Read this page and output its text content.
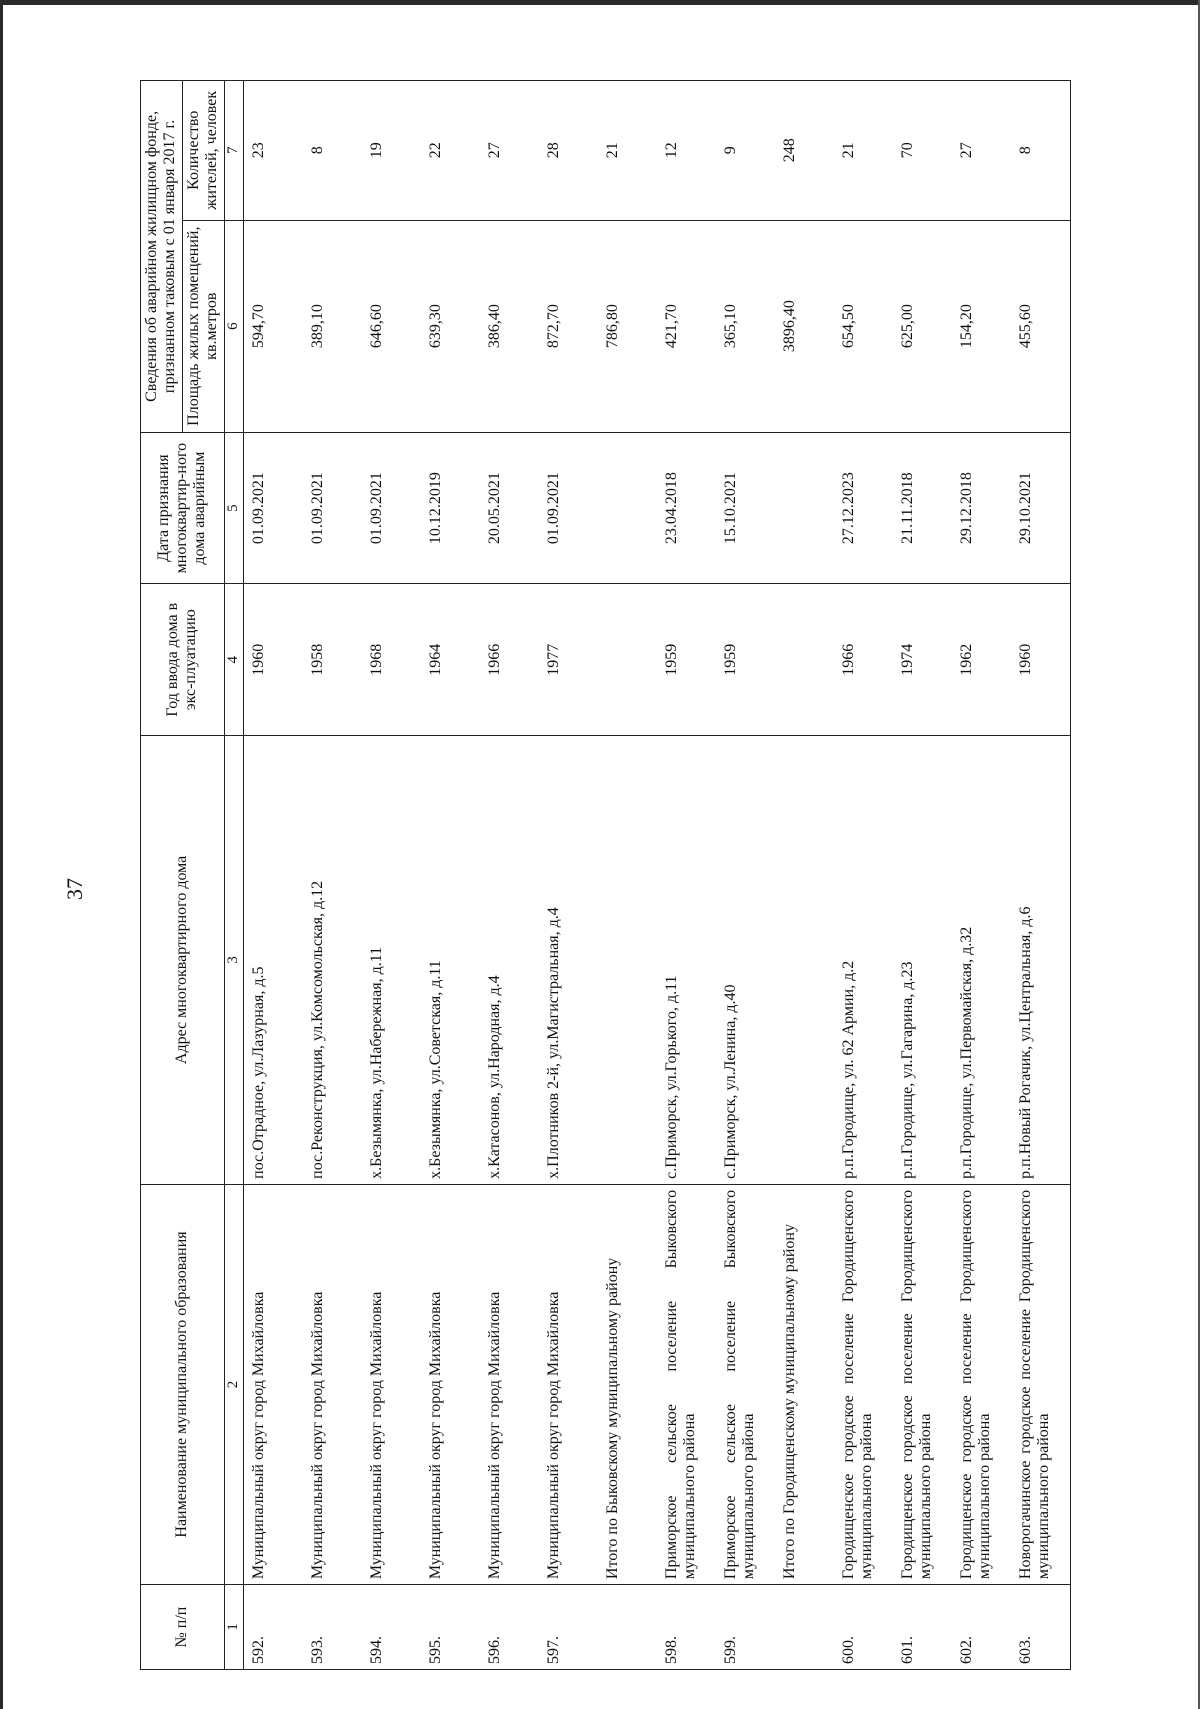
37
№ п/п	Наименование муниципального образования	Адрес многоквартирного дома	Год ввода дома в экс-плуатацию	Дата признания многоквартир-ного дома аварийным	Сведения об аварийном жилищном фонде, признанном таковым с 01 января 2017 г.	
					Площадь жилых помещений, кв.метров	Количество жителей, человек
1	2	3	4	5	6	7
592.	Муниципальный округ город Михайловка	пос.Отрадное, ул.Лазурная, д.5	1960	01.09.2021	594,70	23
593.	Муниципальный округ город Михайловка	пос.Реконструкция, ул.Комсомольская, д.12	1958	01.09.2021	389,10	8
594.	Муниципальный округ город Михайловка	х.Безымянка, ул.Набережная, д.11	1968	01.09.2021	646,60	19
595.	Муниципальный округ город Михайловка	х.Безымянка, ул.Советская, д.11	1964	10.12.2019	639,30	22
596.	Муниципальный округ город Михайловка	х.Катасонов, ул.Народная, д.4	1966	20.05.2021	386,40	27
597.	Муниципальный округ город Михайловка	х.Плотников 2-й, ул.Магистральная, д.4	1977	01.09.2021	872,70	28
	Итого по Быковскому муниципальному району				786,80	21
598.	Приморское сельское поселение Быковского муниципального района	с.Приморск, ул.Горького, д.11	1959	23.04.2018	421,70	12
599.	Приморское сельское поселение Быковского муниципального района	с.Приморск, ул.Ленина, д.40	1959	15.10.2021	365,10	9
	Итого по Городищенскому муниципальному району				3896,40	248
600.	Городищенское городское поселение Городищенского муниципального района	р.п.Городище, ул. 62 Армии, д.2	1966	27.12.2023	654,50	21
601.	Городищенское городское поселение Городищенского муниципального района	р.п.Городище, ул.Гагарина, д.23	1974	21.11.2018	625,00	70
602.	Городищенское городское поселение Городищенского муниципального района	р.п.Городище, ул.Первомайская, д.32	1962	29.12.2018	154,20	27
603.	Новорогачинское городское поселение Городищенского муниципального района	р.п.Новый Рогачик, ул.Центральная, д.6	1960	29.10.2021	455,60	8
